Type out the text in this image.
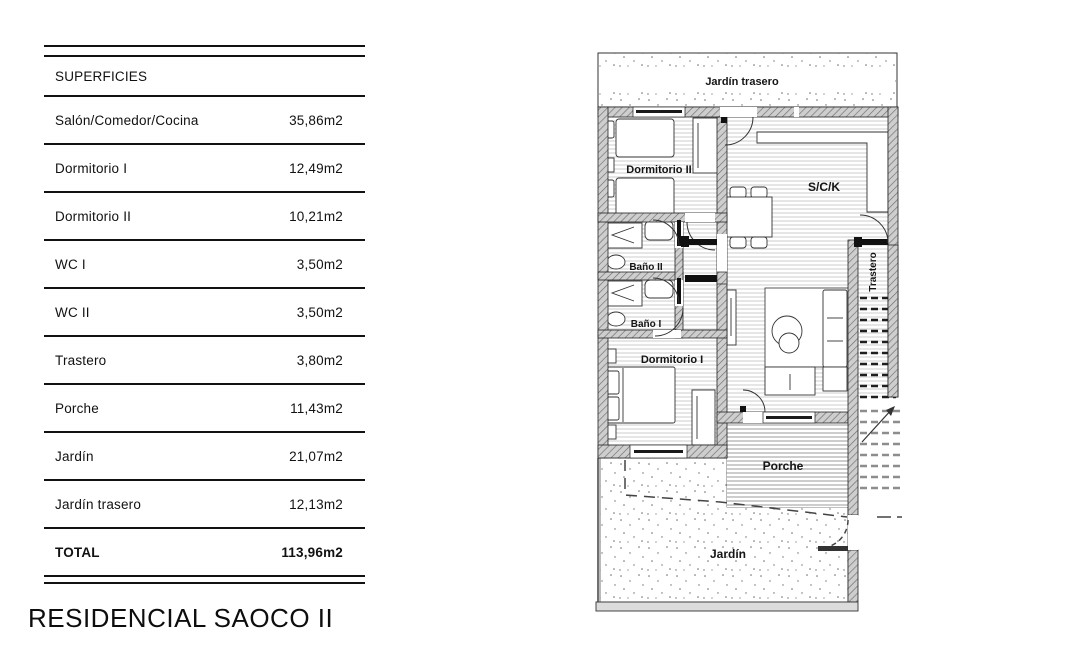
SUPERFICIES
Salón/Comedor/Cocina	35,86m2
Dormitorio I	12,49m2
Dormitorio II	10,21m2
WC I	3,50m2
WC II	3,50m2
Trastero	3,80m2
Porche	11,43m2
Jardín	21,07m2
Jardín trasero	12,13m2
TOTAL	113,96m2
RESIDENCIAL SAOCO II
Jardín trasero
Dormitorio II
S/C/K
Baño II
Baño I
Dormitorio I
Trastero
Porche
Jardín
